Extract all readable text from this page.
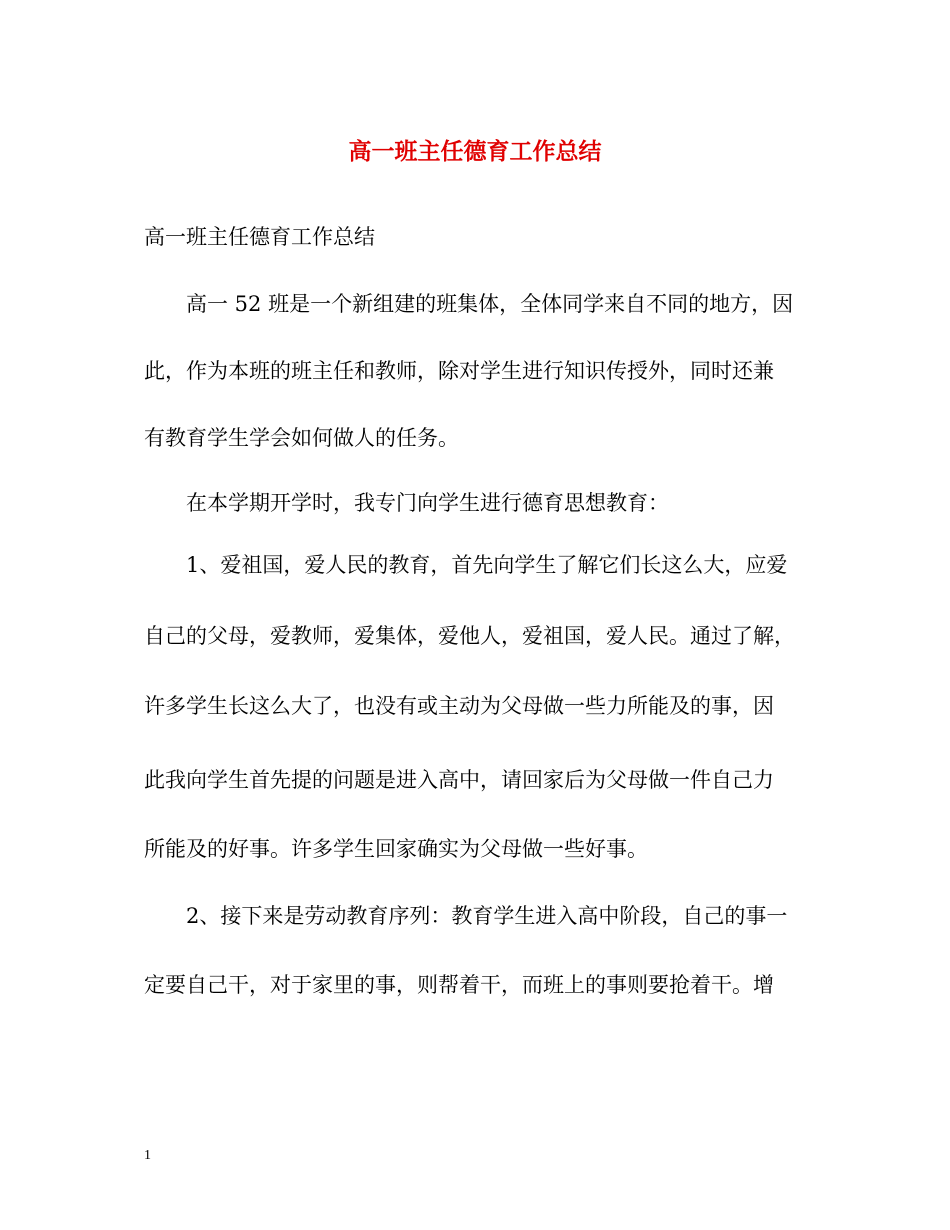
高一班主任德育工作总结
高一班主任德育工作总结
高一 52 班是一个新组建的班集体，全体同学来自不同的地方，因
此，作为本班的班主任和教师，除对学生进行知识传授外，同时还兼
有教育学生学会如何做人的任务。
在本学期开学时，我专门向学生进行德育思想教育：
1、爱祖国，爱人民的教育，首先向学生了解它们长这么大，应爱
自己的父母，爱教师，爱集体，爱他人，爱祖国，爱人民。通过了解，
许多学生长这么大了，也没有或主动为父母做一些力所能及的事，因
此我向学生首先提的问题是进入高中，请回家后为父母做一件自己力
所能及的好事。许多学生回家确实为父母做一些好事。
2、接下来是劳动教育序列：教育学生进入高中阶段，自己的事一
定要自己干，对于家里的事，则帮着干，而班上的事则要抢着干。增
1
